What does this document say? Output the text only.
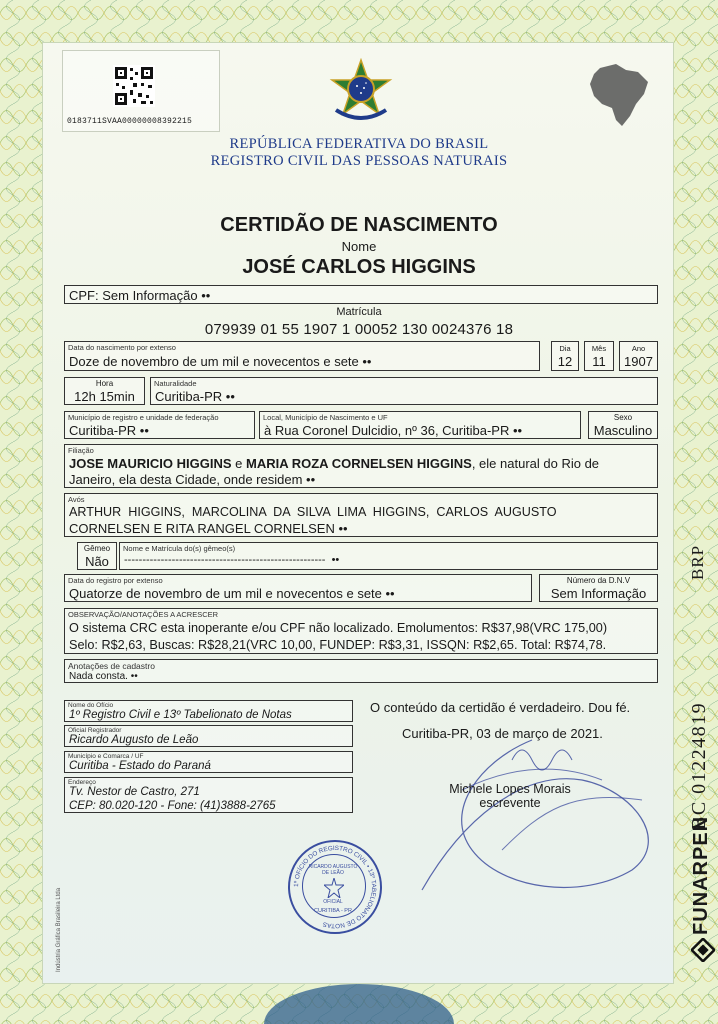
0183711SVAA00000008392215
REPÚBLICA FEDERATIVA DO BRASIL
REGISTRO CIVIL DAS PESSOAS NATURAIS
CERTIDÃO DE NASCIMENTO
Nome
JOSÉ CARLOS HIGGINS
CPF: Sem Informação ••
Matrícula
079939 01 55 1907 1 00052 130 0024376 18
Data do nascimento por extenso
Doze de novembro de um mil e novecentos e sete ••
Dia
12
Mês
11
Ano
1907
Hora
12h 15min
Naturalidade
Curitiba-PR ••
Município de registro e unidade de federação
Curitiba-PR ••
Local, Município de Nascimento e UF
à Rua Coronel Dulcidio, nº 36, Curitiba-PR ••
Sexo
Masculino
Filiação
JOSE MAURICIO HIGGINS e MARIA ROZA CORNELSEN HIGGINS, ele natural do Rio de
Janeiro, ela desta Cidade, onde residem ••
Avós
ARTHUR  HIGGINS,  MARCOLINA  DA  SILVA  LIMA  HIGGINS,  CARLOS  AUGUSTO
CORNELSEN E RITA RANGEL CORNELSEN ••
Gêmeo
Não
Nome e Matrícula do(s) gêmeo(s)
-------------------------------------------------------  ••
Data do registro por extenso
Quatorze de novembro de um mil e novecentos e sete ••
Número da D.N.V
Sem Informação
OBSERVAÇÃO/ANOTAÇÕES A ACRESCER
O sistema CRC esta inoperante e/ou CPF não localizado. Emolumentos: R$37,98(VRC 175,00)
Selo: R$2,63, Buscas: R$28,21(VRC 10,00, FUNDEP: R$3,31, ISSQN: R$2,65. Total: R$74,78.
Anotações de cadastro
Nada consta. ••
Nome do Ofício
1º Registro Civil e 13º Tabelionato de Notas
Oficial Registrador
Ricardo Augusto de Leão
Município e Comarca / UF
Curitiba - Estado do Paraná
Endereço
Tv. Nestor de Castro, 271
CEP: 80.020-120 - Fone: (41)3888-2765
O conteúdo da certidão é verdadeiro. Dou fé.
Curitiba-PR, 03 de março de 2021.
Michele Lopes Morais
escrevente
1º OFÍCIO DO REGISTRO CIVIL • 13º TABELIONATO DE NOTAS
RICARDO AUGUSTO DE LEÃO
OFICIAL
CURITIBA - PR
BRP
BC 01224819
FUNARPEN
Indústria Gráfica Brasileira Ltda
